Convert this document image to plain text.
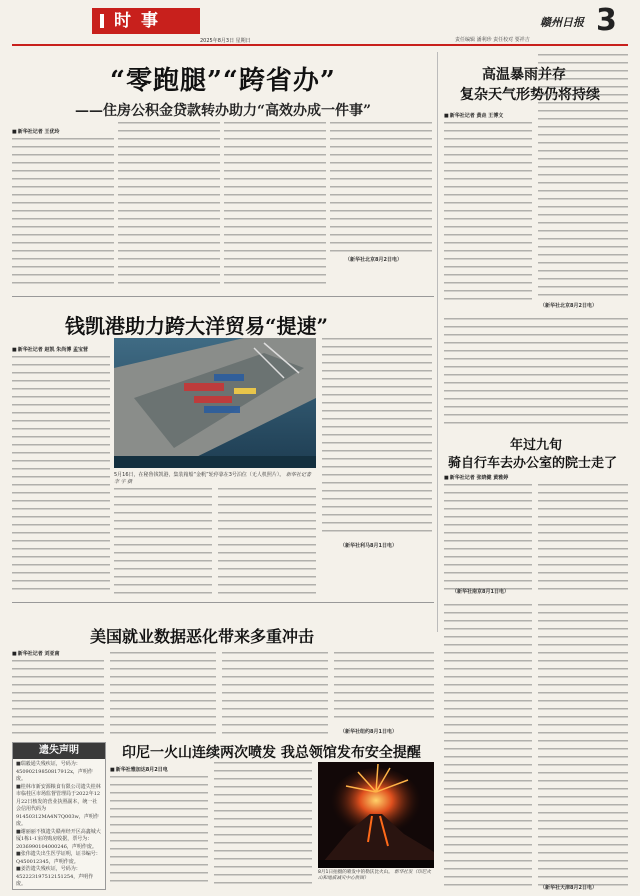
时事
2025年8月3日 星期日	责任编辑 潘利珍 责任校对 要祥吉
赣州日报 3
“零跑腿”“跨省办”
——住房公积金贷款转办助力“高效办成一件事”
■ 新华社记者 王优玲
（新华社北京8月2日电）
高温暴雨并存
复杂天气形势仍将持续
■ 新华社记者 黄垚 王博文
（新华社北京8月2日电）
钱凯港助力跨大洋贸易“提速”
■ 新华社记者 赵凯 朱尚博 孟宝营
5月16日，在秘鲁钱凯港，集装箱船“金帆”轮停靠在3号泊位（无人机照片）。 新华社记者 李 宇 摄
（新华社利马8月1日电）
年过九旬
骑自行车去办公室的院士走了
■ 新华社记者 张晓健 黄雅婷
（新华社南京8月1日电）
美国就业数据恶化带来多重冲击
■ 新华社记者 刘亚南
（新华社纽约8月1日电）
遗失声明
■瑞毅通失残疾证，号码为：45090219850817912x，声明作废。
■桂林市新安源粮食有限公司遗失桂林市临桂区市场监督管理局于2022年12月22日核发的营业执照副本，统一社会信用代码为91450312MA4N7Q003w，声明作废。
■谢丽丽不慎遗失赣州经开区高鑫城大厦1栋1-1室的购房收据，票号为：2036990104000246，声明作废。
■张伟遗失出生医学证明，证书编号：Q450012345，声明作废。
■姜浩遗失残疾证，号码为：452223197512151254，声明作废。
印尼一火山连续两次喷发 我总领馆发布安全提醒
■ 新华社雅加达8月2日电
8月1日拍摄的喷发中的勒沃比火山。 新华社发（印尼火山和地质减灾中心供图）
（新华社天津8月2日电）
